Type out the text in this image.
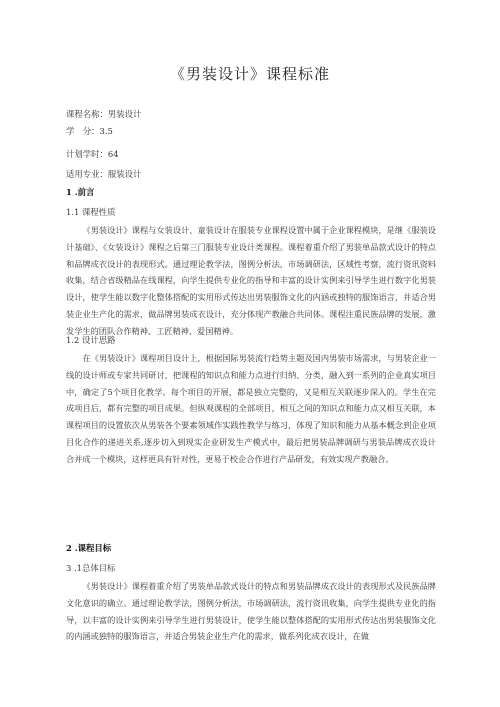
《男装设计》课程标准
课程名称：男装设计
学　分：3.5
计划学时：64
适用专业：服装设计
1 .前言
1.1 课程性质
《男装设计》课程与女装设计、童装设计在服装专业课程设置中属于企业课程模块，是继《服装设计基础》、《女装设计》课程之后第三门服装专业设计类课程。课程着重介绍了男装单品款式设计的特点和品牌成衣设计的表现形式。通过理论教学法，图例分析法，市场调研法，区域性考察，流行资讯资料收集，结合省级精品在线课程，向学生提供专业化的指导和丰富的设计实例来引导学生进行数字化男装设计，使学生能以数字化整体搭配的实用形式传达出男装服饰文化的内涵或独特的服饰语言，并适合男装企业生产化的需求，做品牌男装成衣设计，充分体现产教融合共同体。课程注重民族品牌的发展，激发学生的团队合作精神、工匠精神、爱国精神。
1.2 设计思路
在《男装设计》课程项目设计上，根据国际男装流行趋势主题及国内男装市场需求，与男装企业一线的设计师或专家共同研讨，把课程的知识点和能力点进行归纳、分类，融入到一系列的企业真实项目中，确定了5个项目化教学。每个项目的开展，都是独立完整的，又是相互关联逐步深入的。学生在完成项目后，都有完整的项目成果。但纵观课程的全部项目，相互之间的知识点和能力点又相互关联，本课程项目的设置依次从男装各个要素领域作实践性教学与练习，体现了知识和能力从基本概念到企业项目化合作的递进关系,逐步切入到现实企业研发生产模式中，最后把男装品牌调研与男装品牌成衣设计合并成一个模块，这样更具有针对性，更易于校企合作进行产品研发，有效实现产教融合。
2 .课程目标
3 .1总体目标
《男装设计》课程着重介绍了男装单品款式设计的特点和男装品牌成衣设计的表现形式及民族品牌文化意识的确立。通过理论教学法，图例分析法，市场调研法，流行资讯收集，向学生提供专业化的指导，以丰富的设计实例来引导学生进行男装设计，使学生能以整体搭配的实用形式传达出男装服饰文化的内涵或独特的服饰语言，并适合男装企业生产化的需求，做系列化成衣设计，在做
